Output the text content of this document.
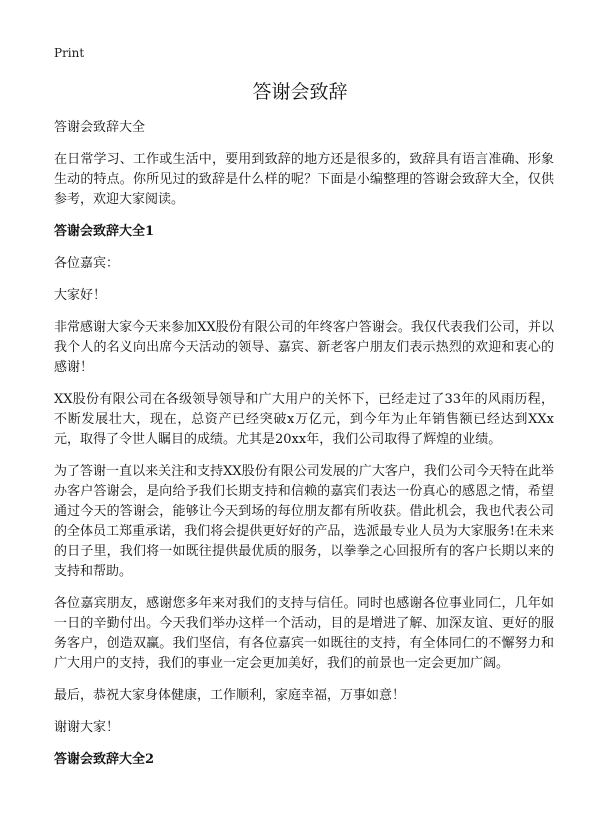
Print
答谢会致辞

答谢会致辞大全

在日常学习、工作或生活中，要用到致辞的地方还是很多的，致辞具有语言准确、形象生动的特点。你所见过的致辞是什么样的呢？下面是小编整理的答谢会致辞大全，仅供参考，欢迎大家阅读。

答谢会致辞大全1

各位嘉宾：

大家好！

非常感谢大家今天来参加XX股份有限公司的年终客户答谢会。我仅代表我们公司，并以我个人的名义向出席今天活动的领导、嘉宾、新老客户朋友们表示热烈的欢迎和衷心的感谢！

XX股份有限公司在各级领导领导和广大用户的关怀下，已经走过了33年的风雨历程，不断发展壮大，现在，总资产已经突破x万亿元，到今年为止年销售额已经达到XXx元，取得了令世人瞩目的成绩。尤其是20xx年，我们公司取得了辉煌的业绩。

为了答谢一直以来关注和支持XX股份有限公司发展的广大客户，我们公司今天特在此举办客户答谢会，是向给予我们长期支持和信赖的嘉宾们表达一份真心的感恩之情，希望通过今天的答谢会，能够让今天到场的每位朋友都有所收获。借此机会，我也代表公司的全体员工郑重承诺，我们将会提供更好好的产品，选派最专业人员为大家服务!在未来的日子里，我们将一如既往提供最优质的服务，以拳拳之心回报所有的客户长期以来的支持和帮助。

各位嘉宾朋友，感谢您多年来对我们的支持与信任。同时也感谢各位事业同仁，几年如一日的辛勤付出。今天我们举办这样一个活动，目的是增进了解、加深友谊、更好的服务客户，创造双赢。我们坚信，有各位嘉宾一如既往的支持，有全体同仁的不懈努力和广大用户的支持，我们的事业一定会更加美好，我们的前景也一定会更加广阔。

最后，恭祝大家身体健康，工作顺利，家庭幸福，万事如意！

谢谢大家！

答谢会致辞大全2
